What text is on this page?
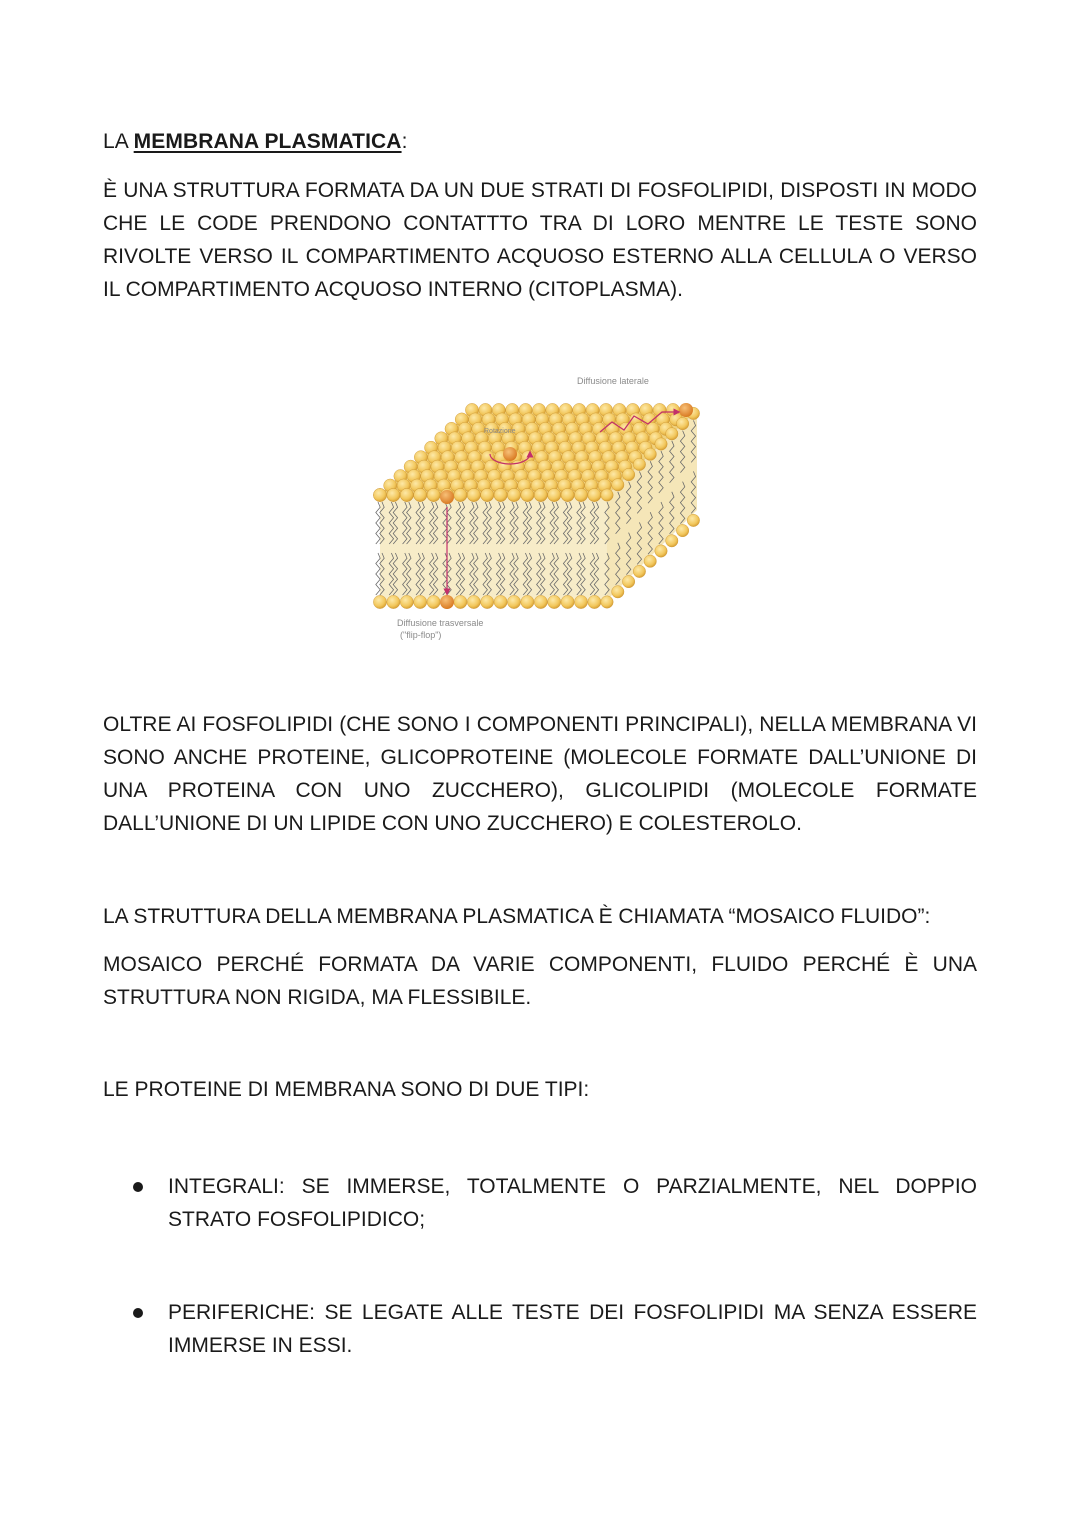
LA MEMBRANA PLASMATICA:
È UNA STRUTTURA FORMATA DA UN DUE STRATI DI FOSFOLIPIDI, DISPOSTI IN MODO CHE LE CODE PRENDONO CONTATTTO TRA DI LORO MENTRE LE TESTE SONO RIVOLTE VERSO IL COMPARTIMENTO ACQUOSO ESTERNO ALLA CELLULA O VERSO IL COMPARTIMENTO ACQUOSO INTERNO (CITOPLASMA).
Diffusione laterale
Rotazione
Diffusione trasversale
("flip-flop")
OLTRE AI FOSFOLIPIDI (CHE SONO I COMPONENTI PRINCIPALI), NELLA MEMBRANA VI SONO ANCHE PROTEINE, GLICOPROTEINE (MOLECOLE FORMATE DALL’UNIONE DI UNA PROTEINA CON UNO ZUCCHERO), GLICOLIPIDI (MOLECOLE FORMATE DALL’UNIONE DI UN LIPIDE CON UNO ZUCCHERO) E COLESTEROLO.
LA STRUTTURA DELLA MEMBRANA PLASMATICA È CHIAMATA “MOSAICO FLUIDO”:
MOSAICO PERCHÉ FORMATA DA VARIE COMPONENTI, FLUIDO PERCHÉ È UNA STRUTTURA NON RIGIDA, MA FLESSIBILE.
LE PROTEINE DI MEMBRANA SONO DI DUE TIPI:
INTEGRALI: SE IMMERSE, TOTALMENTE O PARZIALMENTE, NEL DOPPIO STRATO FOSFOLIPIDICO;
PERIFERICHE: SE LEGATE ALLE TESTE DEI FOSFOLIPIDI MA SENZA ESSERE IMMERSE IN ESSI.
